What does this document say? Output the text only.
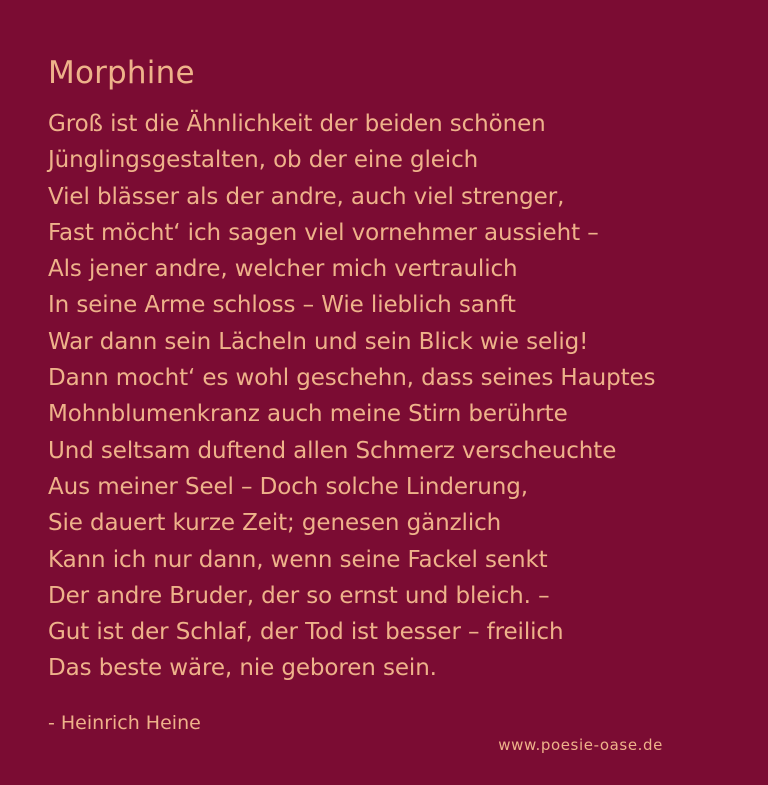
Morphine
Groß ist die Ähnlichkeit der beiden schönen
Jünglingsgestalten, ob der eine gleich
Viel blässer als der andre, auch viel strenger,
Fast möcht‘ ich sagen viel vornehmer aussieht –
Als jener andre, welcher mich vertraulich
In seine Arme schloss – Wie lieblich sanft
War dann sein Lächeln und sein Blick wie selig!
Dann mocht‘ es wohl geschehn, dass seines Hauptes
Mohnblumenkranz auch meine Stirn berührte
Und seltsam duftend allen Schmerz verscheuchte
Aus meiner Seel – Doch solche Linderung,
Sie dauert kurze Zeit; genesen gänzlich
Kann ich nur dann, wenn seine Fackel senkt
Der andre Bruder, der so ernst und bleich. –
Gut ist der Schlaf, der Tod ist besser – freilich
Das beste wäre, nie geboren sein.
- Heinrich Heine
www.poesie-oase.de
